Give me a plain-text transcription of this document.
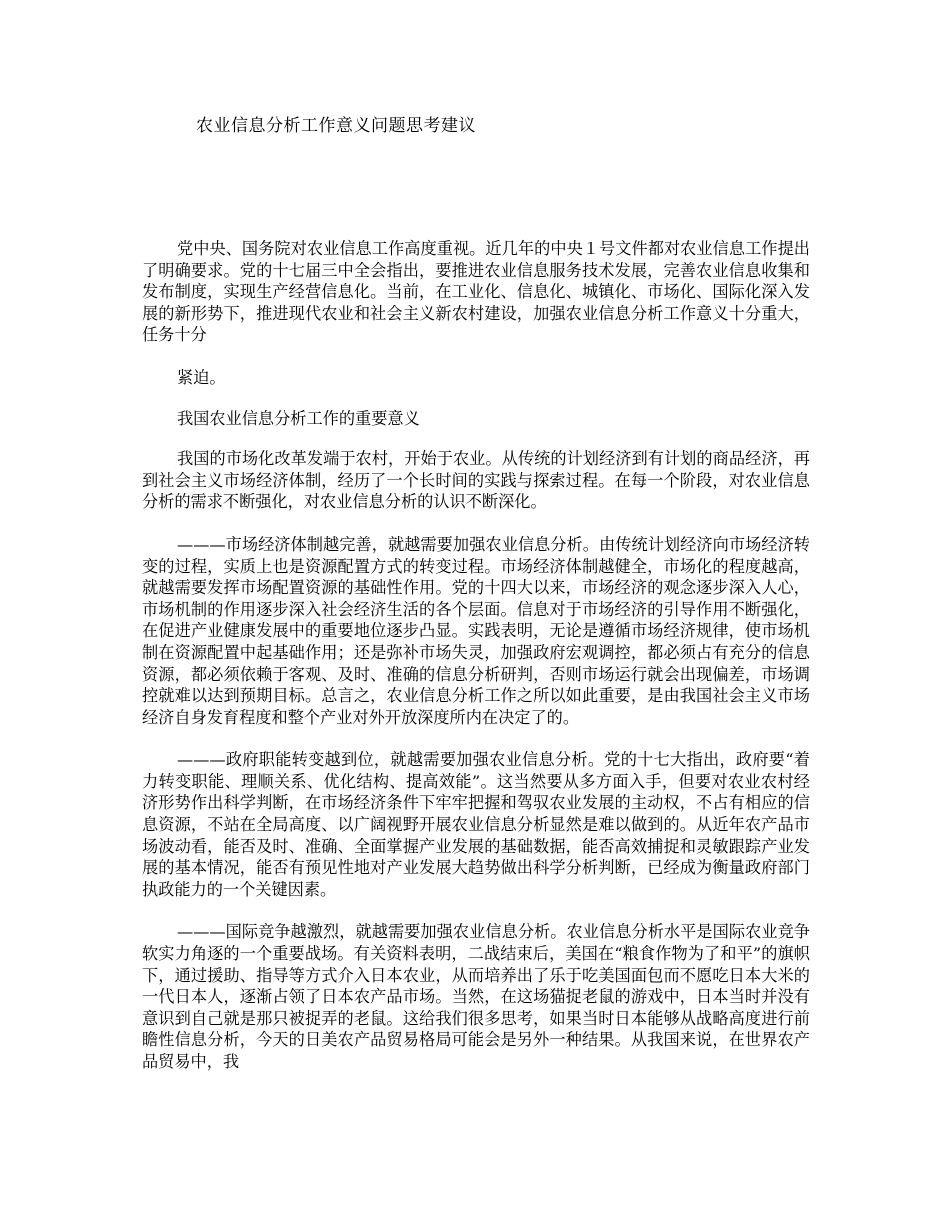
农业信息分析工作意义问题思考建议

党中央、国务院对农业信息工作高度重视。近几年的中央１号文件都对农业信息工作提出了明确要求。党的十七届三中全会指出，要推进农业信息服务技术发展，完善农业信息收集和发布制度，实现生产经营信息化。当前，在工业化、信息化、城镇化、市场化、国际化深入发展的新形势下，推进现代农业和社会主义新农村建设，加强农业信息分析工作意义十分重大，任务十分

紧迫。

我国农业信息分析工作的重要意义

我国的市场化改革发端于农村，开始于农业。从传统的计划经济到有计划的商品经济，再到社会主义市场经济体制，经历了一个长时间的实践与探索过程。在每一个阶段，对农业信息分析的需求不断强化，对农业信息分析的认识不断深化。

———市场经济体制越完善，就越需要加强农业信息分析。由传统计划经济向市场经济转变的过程，实质上也是资源配置方式的转变过程。市场经济体制越健全，市场化的程度越高，就越需要发挥市场配置资源的基础性作用。党的十四大以来，市场经济的观念逐步深入人心，市场机制的作用逐步深入社会经济生活的各个层面。信息对于市场经济的引导作用不断强化，在促进产业健康发展中的重要地位逐步凸显。实践表明，无论是遵循市场经济规律，使市场机制在资源配置中起基础作用；还是弥补市场失灵，加强政府宏观调控，都必须占有充分的信息资源，都必须依赖于客观、及时、准确的信息分析研判，否则市场运行就会出现偏差，市场调控就难以达到预期目标。总言之，农业信息分析工作之所以如此重要，是由我国社会主义市场经济自身发育程度和整个产业对外开放深度所内在决定了的。

———政府职能转变越到位，就越需要加强农业信息分析。党的十七大指出，政府要“着力转变职能、理顺关系、优化结构、提高效能”。这当然要从多方面入手，但要对农业农村经济形势作出科学判断，在市场经济条件下牢牢把握和驾驭农业发展的主动权，不占有相应的信息资源，不站在全局高度、以广阔视野开展农业信息分析显然是难以做到的。从近年农产品市场波动看，能否及时、准确、全面掌握产业发展的基础数据，能否高效捕捉和灵敏跟踪产业发展的基本情况，能否有预见性地对产业发展大趋势做出科学分析判断，已经成为衡量政府部门执政能力的一个关键因素。

———国际竞争越激烈，就越需要加强农业信息分析。农业信息分析水平是国际农业竞争软实力角逐的一个重要战场。有关资料表明，二战结束后，美国在“粮食作物为了和平”的旗帜下，通过援助、指导等方式介入日本农业，从而培养出了乐于吃美国面包而不愿吃日本大米的一代日本人，逐渐占领了日本农产品市场。当然，在这场猫捉老鼠的游戏中，日本当时并没有意识到自己就是那只被捉弄的老鼠。这给我们很多思考，如果当时日本能够从战略高度进行前瞻性信息分析，今天的日美农产品贸易格局可能会是另外一种结果。从我国来说，在世界农产品贸易中，我
